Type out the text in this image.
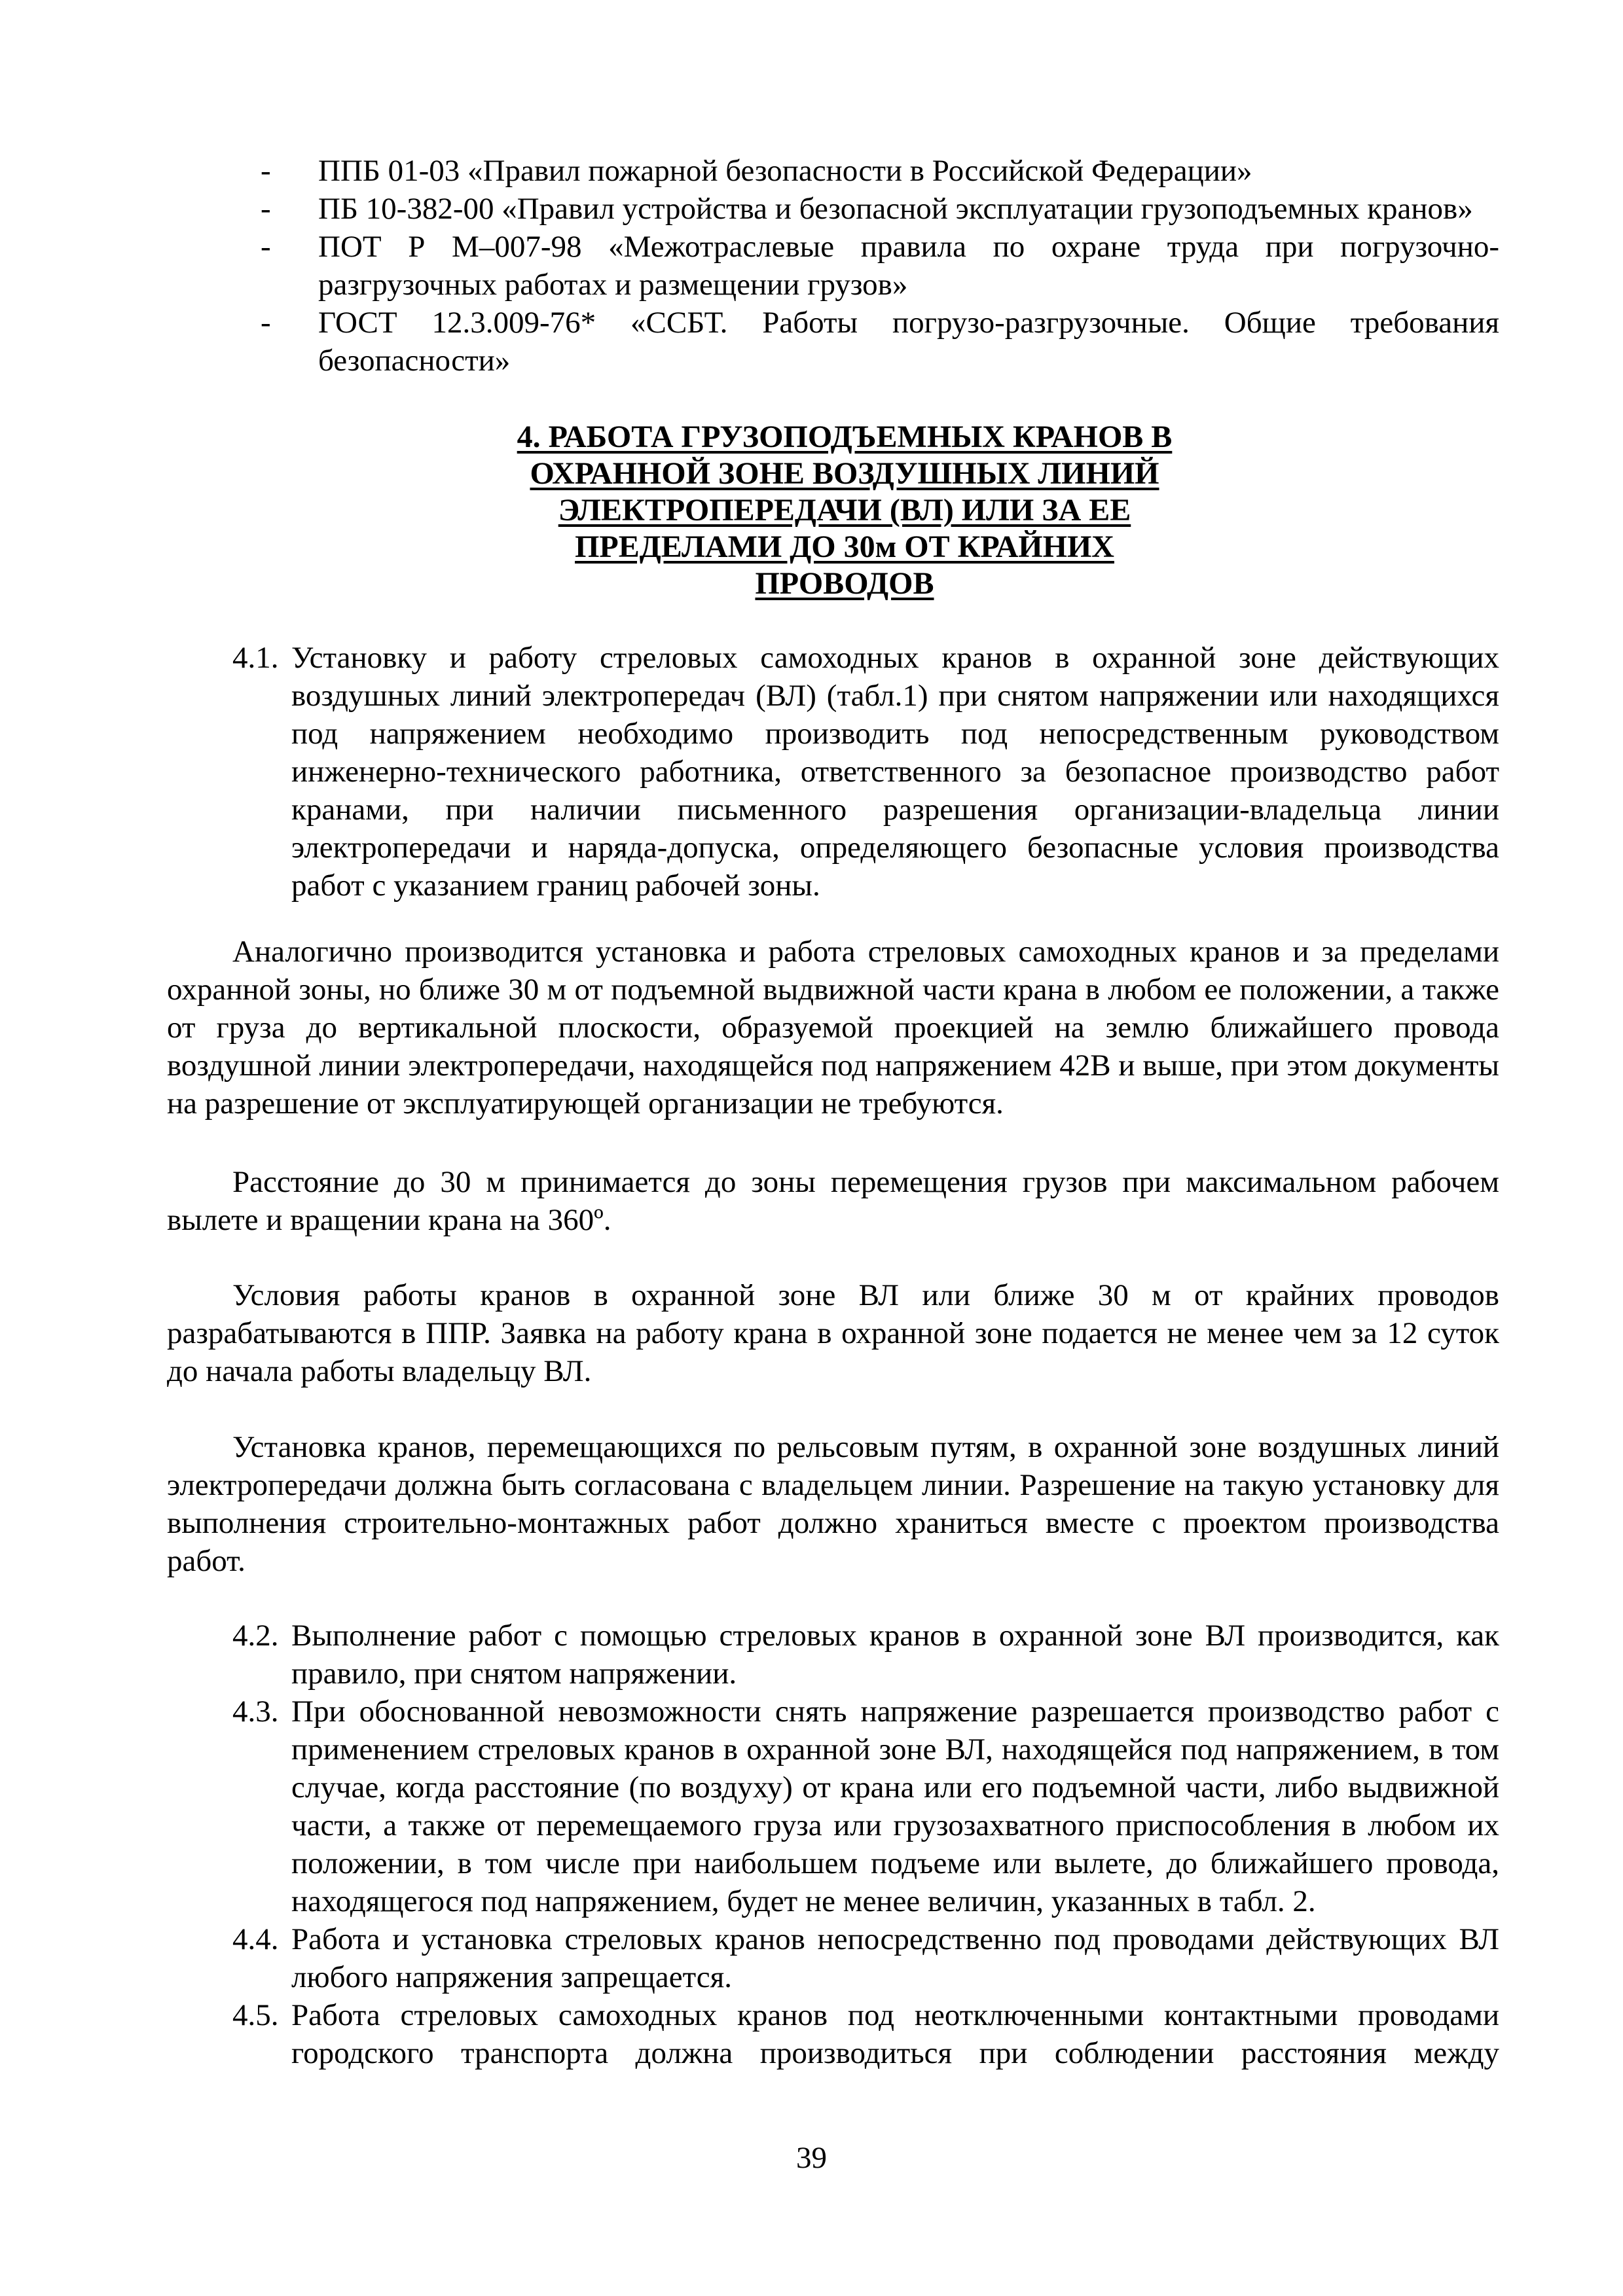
- ППБ 01-03 «Правил пожарной безопасности в Российской Федерации»
- ПБ 10-382-00 «Правил устройства и безопасной эксплуатации грузоподъемных кранов»
- ПОТ Р М–007-98 «Межотраслевые правила по охране труда при погрузочно-разгрузочных работах и размещении грузов»
- ГОСТ 12.3.009-76* «ССБТ. Работы погрузо-разгрузочные. Общие требования безопасности»
4. РАБОТА ГРУЗОПОДЪЕМНЫХ КРАНОВ В
ОХРАННОЙ ЗОНЕ ВОЗДУШНЫХ ЛИНИЙ
ЭЛЕКТРОПЕРЕДАЧИ (ВЛ) ИЛИ ЗА ЕЕ
ПРЕДЕЛАМИ ДО 30м ОТ КРАЙНИХ
ПРОВОДОВ
4.1. Установку и работу стреловых самоходных кранов в охранной зоне действующих воздушных линий электропередач (ВЛ) (табл.1) при снятом напряжении или находящихся под напряжением необходимо производить под непосредственным руководством инженерно-технического работника, ответственного за безопасное производство работ кранами, при наличии письменного разрешения организации-владельца линии электропередачи и наряда-допуска, определяющего безопасные условия производства работ с указанием границ рабочей зоны.
Аналогично производится установка и работа стреловых самоходных кранов и за пределами охранной зоны, но ближе 30 м от подъемной выдвижной части крана в любом ее положении, а также от груза до вертикальной плоскости, образуемой проекцией на землю ближайшего провода воздушной линии электропередачи, находящейся под напряжением 42В и выше, при этом документы на разрешение от эксплуатирующей организации не требуются.
Расстояние до 30 м принимается до зоны перемещения грузов при максимальном рабочем вылете и вращении крана на 360º.
Условия работы кранов в охранной зоне ВЛ или ближе 30 м от крайних проводов разрабатываются в ППР. Заявка на работу крана в охранной зоне подается не менее чем за 12 суток до начала работы владельцу ВЛ.
Установка кранов, перемещающихся по рельсовым путям, в охранной зоне воздушных линий электропередачи должна быть согласована с владельцем линии. Разрешение на такую установку для выполнения строительно-монтажных работ должно храниться вместе с проектом производства работ.
4.2. Выполнение работ с помощью стреловых кранов в охранной зоне ВЛ производится, как правило, при снятом напряжении.
4.3. При обоснованной невозможности снять напряжение разрешается производство работ с применением стреловых кранов в охранной зоне ВЛ, находящейся под напряжением, в том случае, когда расстояние (по воздуху) от крана или его подъемной части, либо выдвижной части, а также от перемещаемого груза или грузозахватного приспособления в любом их положении, в том числе при наибольшем подъеме или вылете, до ближайшего провода, находящегося под напряжением, будет не менее величин, указанных в табл. 2.
4.4. Работа и установка стреловых кранов непосредственно под проводами действующих ВЛ любого напряжения запрещается.
4.5. Работа стреловых самоходных кранов под неотключенными контактными проводами городского транспорта должна производиться при соблюдении расстояния между
39
